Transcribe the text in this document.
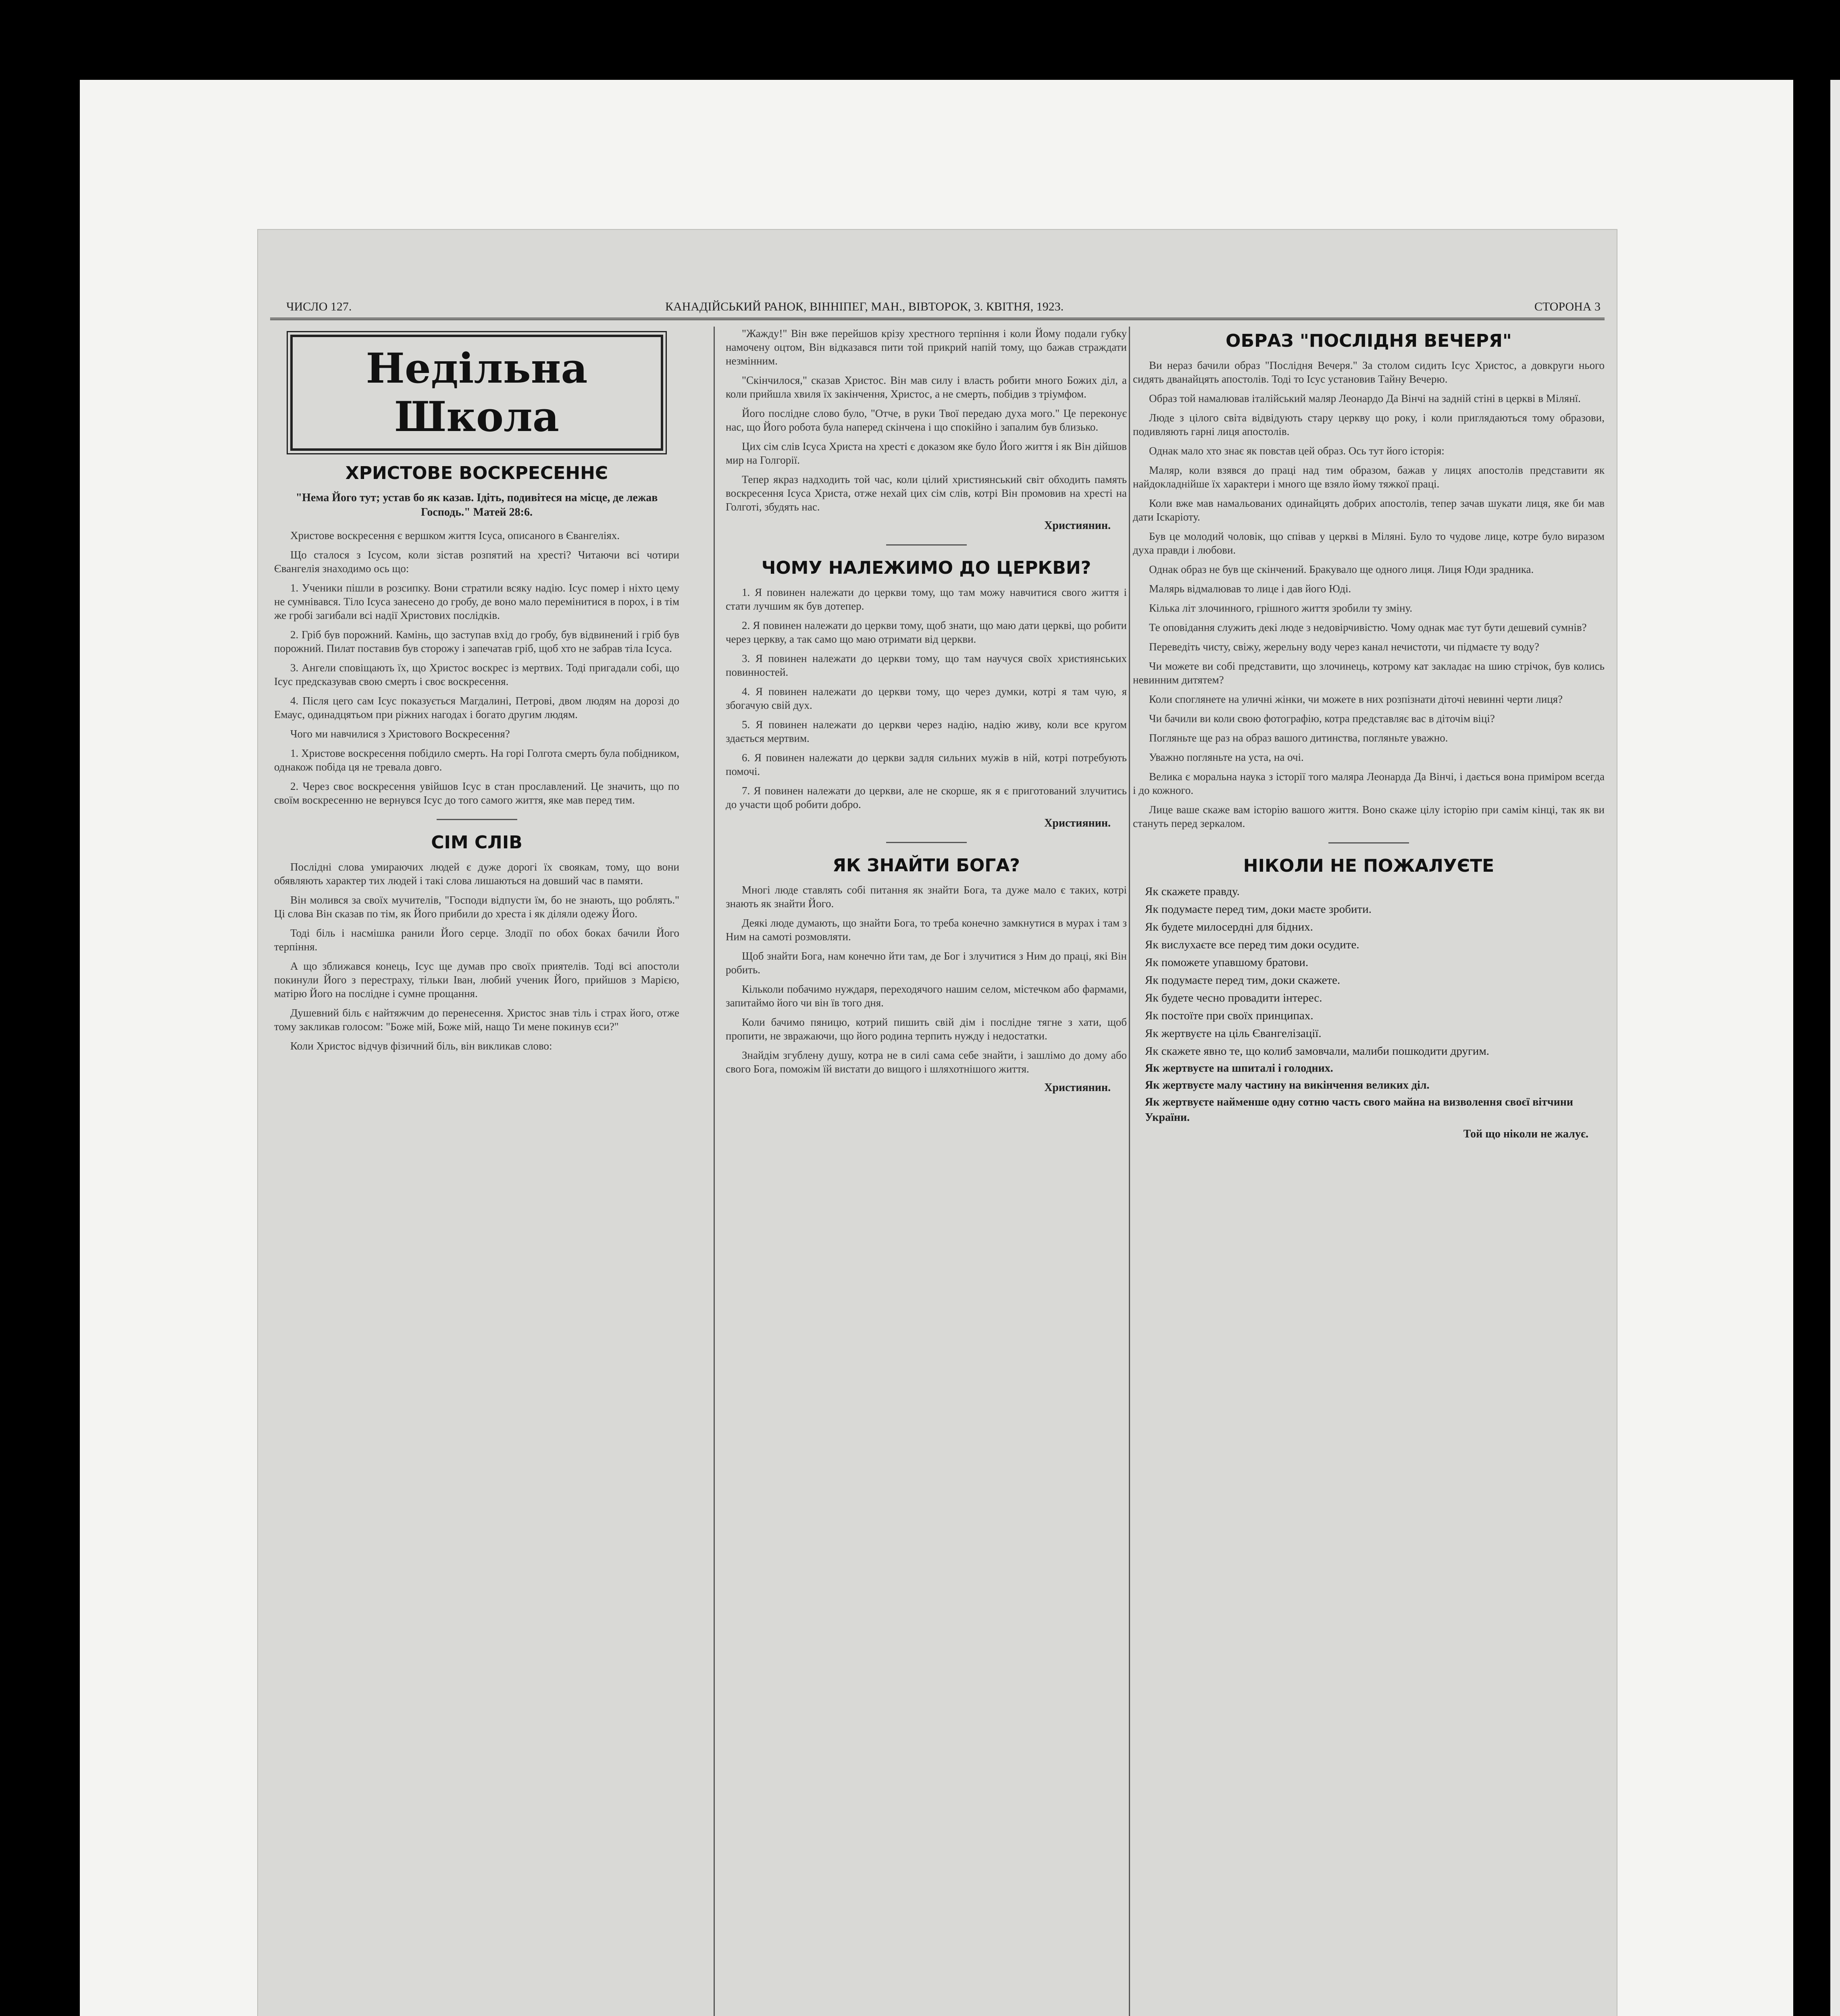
ЧИСЛО 127.	КАНАДІЙСЬКИЙ РАНОК, ВІННІПЕГ, МАН., ВІВТОРОК, 3. КВІТНЯ, 1923.	СТОРОНА 3
Недільна Школа
ХРИСТОВЕ ВОСКРЕСЕННЄ
"Нема Його тут; устав бо як казав. Ідіть, подивітеся на місце, де лежав Господь." Матей 28:6.

Христове воскресення є вершком життя Ісуса, описаного в Євангеліях.

Що сталося з Ісусом, коли зістав розпятий на хресті? Читаючи всі чотири Євангелія знаходимо ось що:

1. Ученики пішли в розсипку. Вони стратили всяку надію. Ісус помер і ніхто цему не сумнівався. Тіло Ісуса занесено до гробу, де воно мало перемінитися в порох, і в тім же гробі загибали всі надії Христових послідків.

2. Гріб був порожний. Камінь, що заступав вхід до гробу, був відвинений і гріб був порожний. Пилат поставив був сторожу і запечатав гріб, щоб хто не забрав тіла Ісуса.

3. Ангели сповіщають їх, що Христос воскрес із мертвих. Тоді пригадали собі, що Ісус предсказував свою смерть і своє воскресення.

4. Після цего сам Ісус показується Магдалині, Петрові, двом людям на дорозі до Емаус, одинадцятьом при ріжних нагодах і богато другим людям.

Чого ми навчилися з Христового Воскресення?

1. Христове воскресення побідило смерть. На горі Голгота смерть була побідником, однакож побіда ця не тревала довго.

2. Через своє воскресення увійшов Ісус в стан прославлений. Це значить, що по своїм воскресенню не вернувся Ісус до того самого життя, яке мав перед тим.

СІМ СЛІВ

Послідні слова умираючих людей є дуже дорогі їх своякам, тому, що вони обявляють характер тих людей і такі слова лишаються на довший час в памяти.

Він молився за своїх мучителів, "Господи відпусти їм, бо не знають, що роблять." Ці слова Він сказав по тім, як Його прибили до хреста і як діляли одежу Його.

Тоді біль і насмішка ранили Його серце. Злодії по обох боках бачили Його терпіння.

А що зближався конець, Ісус ще думав про своїх приятелів. Тоді всі апостоли покинули Його з перестраху, тільки Іван, любий ученик Його, прийшов з Марією, матірю Його на послідне і сумне прощання.

Душевний біль є найтяжчим до перенесення. Христос знав тіль і страх його, отже тому закликав голосом: "Боже мій, Боже мій, нащо Ти мене покинув єси?"

Коли Христос відчув фізичний біль, він викликав слово:

"Жажду!" Він вже перейшов крізу хрестного терпіння і коли Йому подали губку намочену оцтом, Він відказався пити той прикрий напій тому, що бажав страждати незмінним.

"Скінчилося," сказав Христос. Він мав силу і власть робити много Божих діл, а коли прийшла хвиля їх закінчення, Христос, а не смерть, побідив з тріумфом.

Його послідне слово було, "Отче, в руки Твої передаю духа мого." Це переконує нас, що Його робота була наперед скінчена і що спокійно і запалим був близько.

Цих сім слів Ісуса Христа на хресті є доказом яке було Його життя і як Він дійшов мир на Голгорії.

Тепер якраз надходить той час, коли цілий християнський світ обходить память воскресення Ісуса Христа, отже нехай цих сім слів, котрі Він промовив на хресті на Голготі, збудять нас.

Християнин.
ЧОМУ НАЛЕЖИМО ДО ЦЕРКВИ?

1. Я повинен належати до церкви тому, що там можу навчитися свого життя і стати лучшим як був дотепер.

2. Я повинен належати до церкви тому, щоб знати, що маю дати церкві, що робити через церкву, а так само що маю отримати від церкви.

3. Я повинен належати до церкви тому, що там научуся своїх християнських повинностей.

4. Я повинен належати до церкви тому, що через думки, котрі я там чую, я збогачую свій дух.

5. Я повинен належати до церкви через надію, надію живу, коли все кругом здається мертвим.

6. Я повинен належати до церкви задля сильних мужів в ній, котрі потребують помочі.

7. Я повинен належати до церкви, але не скорше, як я є приготований злучитись до участи щоб робити добро.

Християнин.
ЯК ЗНАЙТИ БОГА?

Многі люде ставлять собі питання як знайти Бога, та дуже мало є таких, котрі знають як знайти Його.

Деякі люде думають, що знайти Бога, то треба конечно замкнутися в мурах і там з Ним на самоті розмовляти.

Щоб знайти Бога, нам конечно йти там, де Бог і злучитися з Ним до праці, які Він робить.

Кільколи побачимо нуждаря, переходячого нашим селом, містечком або фармами, запитаймо його чи він їв того дня.

Коли бачимо пяницю, котрий пишить свій дім і послідне тягне з хати, щоб пропити, не звражаючи, що його родина терпить нужду і недостатки.

Знайдім згублену душу, котра не в силі сама себе знайти, і зашлімо до дому або свого Бога, поможім їй вистати до вищого і шляхотнішого життя.

Християнин.
ОБРАЗ "ПОСЛІДНЯ ВЕЧЕРЯ"

Ви нераз бачили образ "Послідня Вечеря." За столом сидить Ісус Христос, а довкруги нього сидять дванайцять апостолів. Тоді то Ісус установив Тайну Вечерю.

Образ той намалював італійський маляр Леонардо Да Вінчі на задній стіні в церкві в Мілянї.

Люде з цілого світа відвідують стару церкву що року, і коли приглядаються тому образови, подивляють гарні лиця апостолів.

Однак мало хто знає як повстав цей образ. Ось тут його історія:

Маляр, коли взявся до праці над тим образом, бажав у лицях апостолів представити як найдокладнійше їх характери і много ще взяло йому тяжкої праці.

Коли вже мав намальованих одинайцять добрих апостолів, тепер зачав шукати лиця, яке би мав дати Іскаріоту.

Був це молодий чоловік, що співав у церкві в Міляні. Було то чудове лице, котре було виразом духа правди і любови.

Однак образ не був ще скінчений. Бракувало ще одного лиця. Лиця Юди зрадника.

Малярь відмалював то лице і дав його Юді.

Кілька літ злочинного, грішного життя зробили ту зміну.

Те оповідання служить декі люде з недовірчивістю. Чому однак має тут бути дешевий сумнів?

Переведіть чисту, свіжу, жерельну воду через канал нечистоти, чи підмаєте ту воду?

Чи можете ви собі представити, що злочинець, котрому кат закладає на шию стрічок, був колись невинним дитятем?

Коли споглянете на уличні жінки, чи можете в них розпізнати діточі невинні черти лиця?

Чи бачили ви коли свою фотографію, котра представляє вас в діточім віці?

Погляньте ще раз на образ вашого дитинства, погляньте уважно.

Уважно погляньте на уста, на очі.

Велика є моральна наука з історії того маляра Леонарда Да Вінчі, і дається вона приміром всегда і до кожного.

Лице ваше скаже вам історію вашого життя. Воно скаже цілу історію при самім кінці, так як ви стануть перед зеркалом.

НІКОЛИ НЕ ПОЖАЛУЄТЕ
Як скажете правду.
Як подумаєте перед тим, доки маєте зробити.
Як будете милосердні для бідних.
Як вислухаєте все перед тим доки осудите.
Як поможете упавшому братови.
Як подумаєте перед тим, доки скажете.
Як будете чесно провадити інтерес.
Як постоїте при своїх принципах.
Як жертвуєте на ціль Євангелізації.
Як скажете явно те, що колиб замовчали, малиби пошкодити другим.
Як жертвуєте на шпиталі і голодних.
Як жертвуєте малу частину на викінчення великих діл.
Як жертвуєте найменше одну сотню часть свого майна на визволення своєї вітчини України.
Той що ніколи не жалує.
